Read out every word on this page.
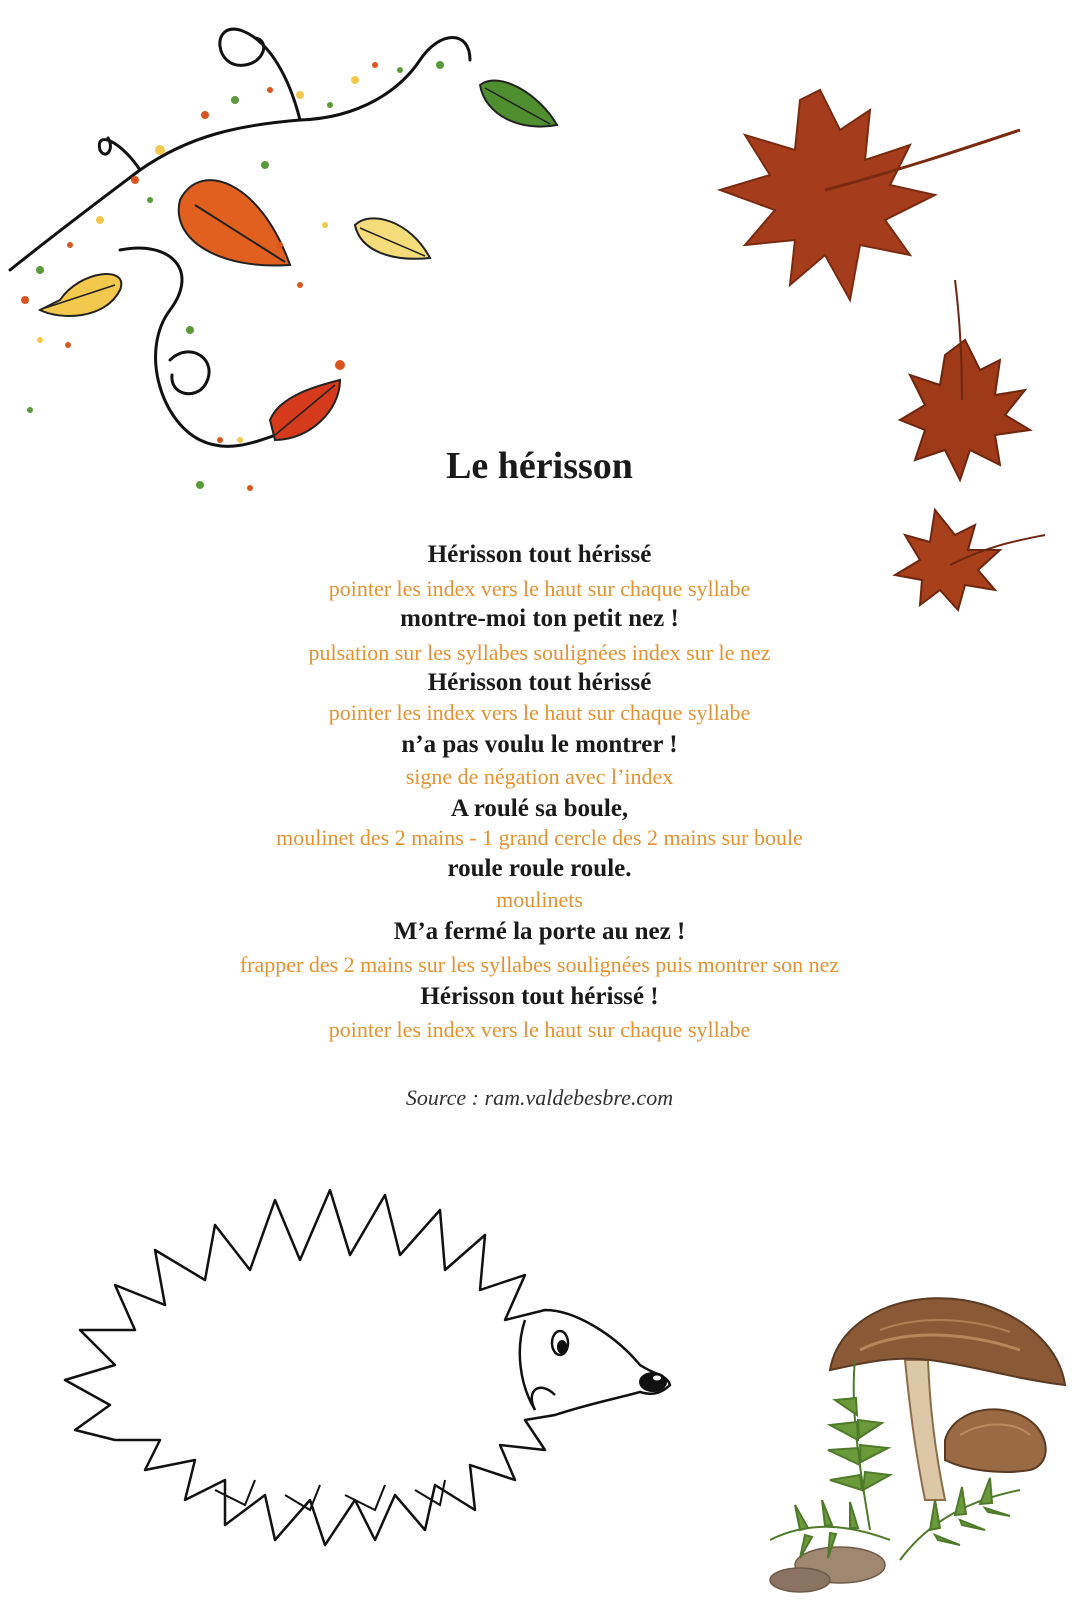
Le hérisson
Hérisson tout hérissé
pointer les index vers le haut sur chaque syllabe
montre-moi ton petit nez !
pulsation sur les syllabes soulignées index sur le nez
Hérisson tout hérissé
pointer les index vers le haut sur chaque syllabe
n’a pas voulu le montrer !
signe de négation avec l’index
A roulé sa boule,
moulinet des 2 mains - 1 grand cercle des 2 mains sur boule
roule roule roule.
moulinets
M’a fermé la porte au nez !
frapper des 2 mains sur les syllabes soulignées puis montrer son nez
Hérisson tout hérissé !
pointer les index vers le haut sur chaque syllabe
Source : ram.valdebesbre.com
